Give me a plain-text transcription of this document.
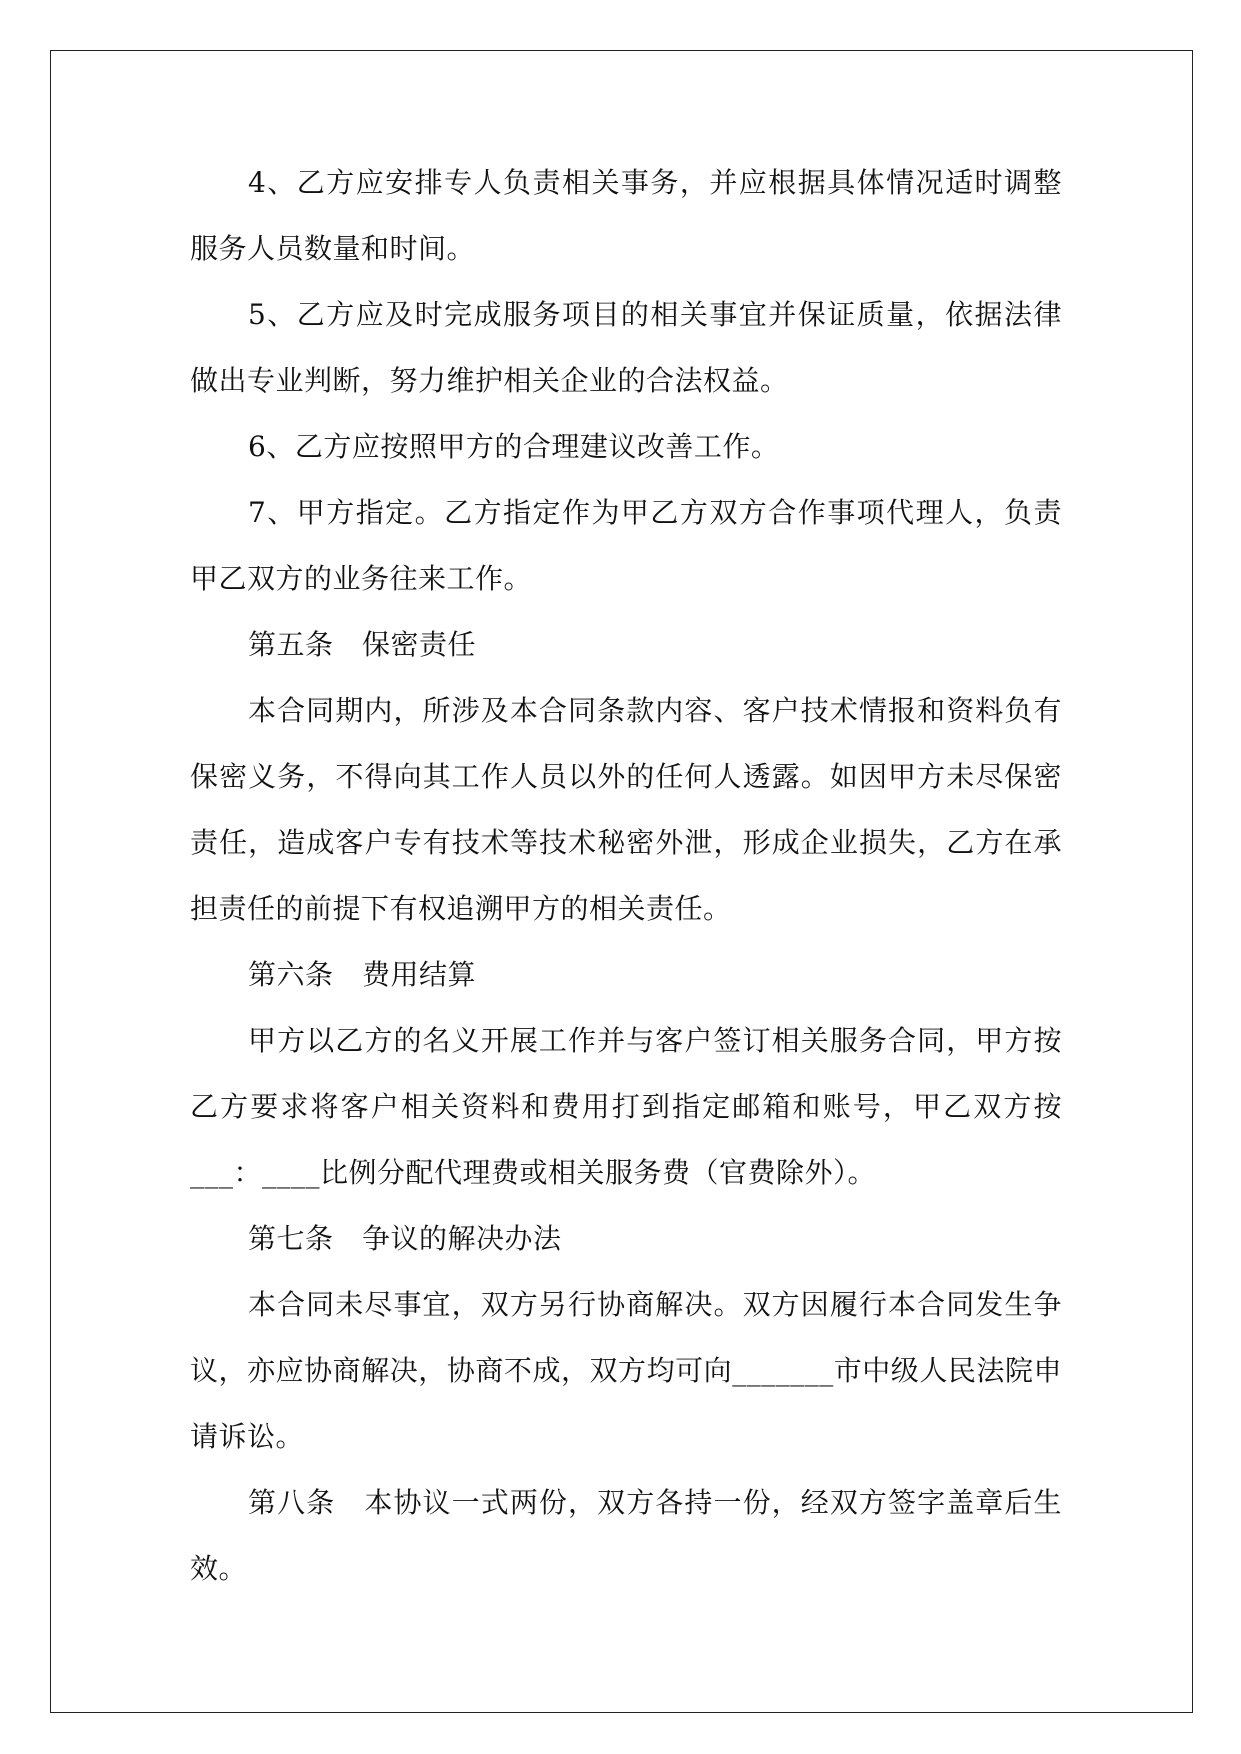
4、乙方应安排专人负责相关事务，并应根据具体情况适时调整服务人员数量和时间。

5、乙方应及时完成服务项目的相关事宜并保证质量，依据法律做出专业判断，努力维护相关企业的合法权益。

6、乙方应按照甲方的合理建议改善工作。

7、甲方指定。乙方指定作为甲乙方双方合作事项代理人，负责甲乙双方的业务往来工作。

第五条　保密责任

本合同期内，所涉及本合同条款内容、客户技术情报和资料负有保密义务，不得向其工作人员以外的任何人透露。如因甲方未尽保密责任，造成客户专有技术等技术秘密外泄，形成企业损失，乙方在承担责任的前提下有权追溯甲方的相关责任。

第六条　费用结算

甲方以乙方的名义开展工作并与客户签订相关服务合同，甲方按乙方要求将客户相关资料和费用打到指定邮箱和账号，甲乙双方按___：____比例分配代理费或相关服务费（官费除外）。

第七条　争议的解决办法

本合同未尽事宜，双方另行协商解决。双方因履行本合同发生争议，亦应协商解决，协商不成，双方均可向_______市中级人民法院申请诉讼。

第八条　本协议一式两份，双方各持一份，经双方签字盖章后生效。
